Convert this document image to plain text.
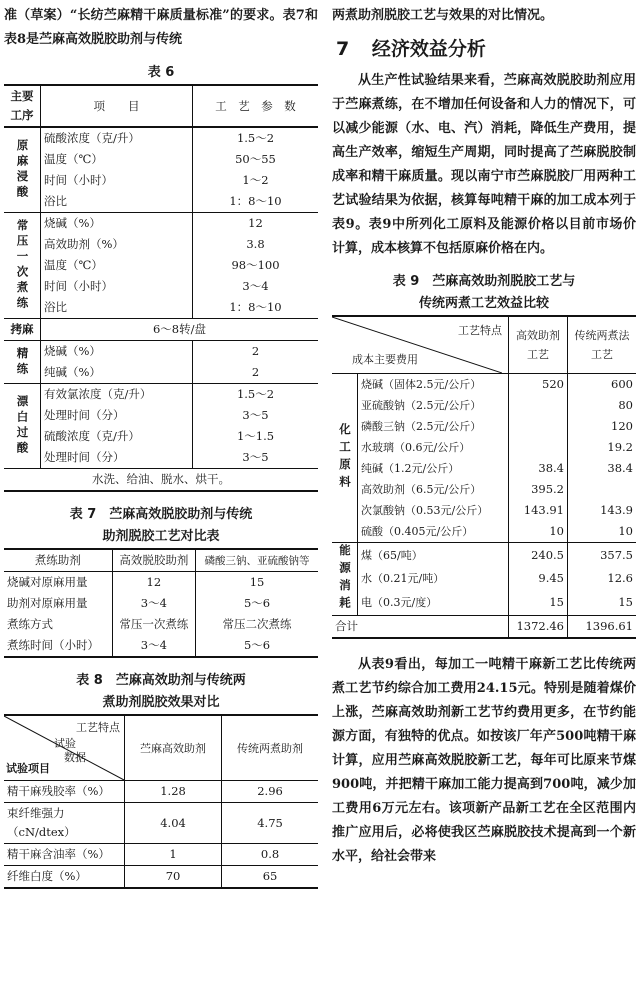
准（草案）“长纺苎麻精干麻质量标准”的要求。表7和表8是苎麻高效脱胶助剂与传统

表 6

主要工序	项　　目	工　艺　参　数
原麻浸酸	硫酸浓度（克/升）	1.5～2
	温度（℃）	50～55
	时间（小时）	1～2
	浴比	1：8～10
常压一次煮练	烧碱（%）	12
	高效助剂（%）	3.8
	温度（℃）	98～100
	时间（小时）	3～4
	浴比	1：8～10
拷麻	6～8转/盘	
精练	烧碱（%）	2
	纯碱（%）	2
漂白过酸	有效氯浓度（克/升）	1.5～2
	处理时间（分）	3～5
	硫酸浓度（克/升）	1～1.5
	处理时间（分）	3～5
水洗、给油、脱水、烘干。		

表 7　苎麻高效脱胶助剂与传统

助剂脱胶工艺对比表

煮练助剂	高效脱胶助剂	磷酸三钠、亚硫酸钠等
烧碱对原麻用量	12	15
助剂对原麻用量	3～4	5～6
煮练方式	常压一次煮练	常压二次煮练
煮练时间（小时）	3～4	5～6

表 8　苎麻高效助剂与传统两

煮助剂脱胶效果对比

工艺特点
试验
数据
试验项目	苎麻高效助剂	传统两煮助剂
精干麻残胶率（%）	1.28	2.96
束纤维强力（cN/dtex）	4.04	4.75
精干麻含油率（%）	1	0.8
纤维白度（%）	70	65

两煮助剂脱胶工艺与效果的对比情况。

7 经济效益分析

从生产性试验结果来看，苎麻高效脱胶助剂应用于苎麻煮练，在不增加任何设备和人力的情况下，可以减少能源（水、电、汽）消耗，降低生产费用，提高生产效率，缩短生产周期，同时提高了苎麻脱胶制成率和精干麻质量。现以南宁市苎麻脱胶厂用两种工艺试验结果为依据，核算每吨精干麻的加工成本列于表9。表9中所列化工原料及能源价格以目前市场价计算，成本核算不包括原麻价格在内。

表 9　苎麻高效助剂脱胶工艺与

传统两煮工艺效益比较

工艺特点
成本主要费用		高效助剂工艺	传统两煮法工艺
化工原料	烧碱（固体2.5元/公斤）	520	600
	亚硫酸钠（2.5元/公斤）		80
	磷酸三钠（2.5元/公斤）		120
	水玻璃（0.6元/公斤）		19.2
	纯碱（1.2元/公斤）	38.4	38.4
	高效助剂（6.5元/公斤）	395.2	
	次氯酸钠（0.53元/公斤）	143.91	143.9
	硫酸（0.405元/公斤）	10	10
能源消耗	煤（65/吨）	240.5	357.5
	水（0.21元/吨）	9.45	12.6
	电（0.3元/度）	15	15
合计		1372.46	1396.61

从表9看出，每加工一吨精干麻新工艺比传统两煮工艺节约综合加工费用24.15元。特别是随着煤价上涨，苎麻高效助剂新工艺节约费用更多，在节约能源方面，有独特的优点。如按该厂年产500吨精干麻计算，应用苎麻高效脱胶新工艺，每年可比原来节煤900吨，并把精干麻加工能力提高到700吨，减少加工费用6万元左右。该项新产品新工艺在全区范围内推广应用后，必将使我区苎麻脱胶技术提高到一个新水平，给社会带来
